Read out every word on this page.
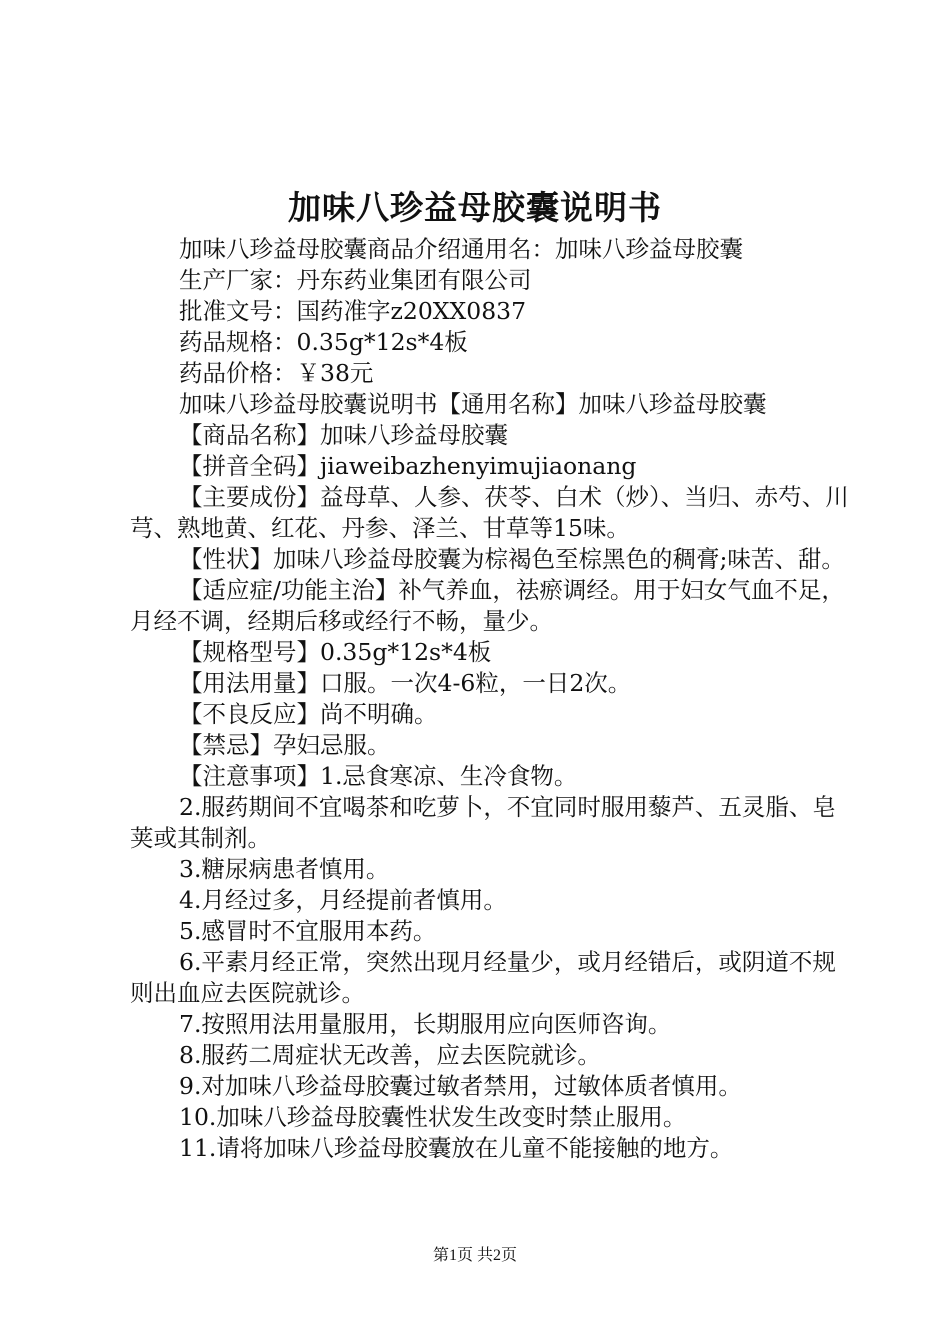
加味八珍益母胶囊说明书

加味八珍益母胶囊商品介绍通用名：加味八珍益母胶囊

生产厂家：丹东药业集团有限公司

批准文号：国药准字z20XX0837

药品规格：0.35g*12s*4板

药品价格：￥38元

加味八珍益母胶囊说明书【通用名称】加味八珍益母胶囊

【商品名称】加味八珍益母胶囊

【拼音全码】jiaweibazhenyimujiaonang

【主要成份】益母草、人参、茯苓、白术（炒）、当归、赤芍、川芎、熟地黄、红花、丹参、泽兰、甘草等15味。

【性状】加味八珍益母胶囊为棕褐色至棕黑色的稠膏;味苦、甜。

【适应症/功能主治】补气养血，祛瘀调经。用于妇女气血不足，月经不调，经期后移或经行不畅，量少。

【规格型号】0.35g*12s*4板

【用法用量】口服。一次4-6粒，一日2次。

【不良反应】尚不明确。

【禁忌】孕妇忌服。

【注意事项】1.忌食寒凉、生冷食物。

2.服药期间不宜喝茶和吃萝卜，不宜同时服用藜芦、五灵脂、皂荚或其制剂。

3.糖尿病患者慎用。

4.月经过多，月经提前者慎用。

5.感冒时不宜服用本药。

6.平素月经正常，突然出现月经量少，或月经错后，或阴道不规则出血应去医院就诊。

7.按照用法用量服用，长期服用应向医师咨询。

8.服药二周症状无改善，应去医院就诊。

9.对加味八珍益母胶囊过敏者禁用，过敏体质者慎用。

10.加味八珍益母胶囊性状发生改变时禁止服用。

11.请将加味八珍益母胶囊放在儿童不能接触的地方。

第1页 共2页
